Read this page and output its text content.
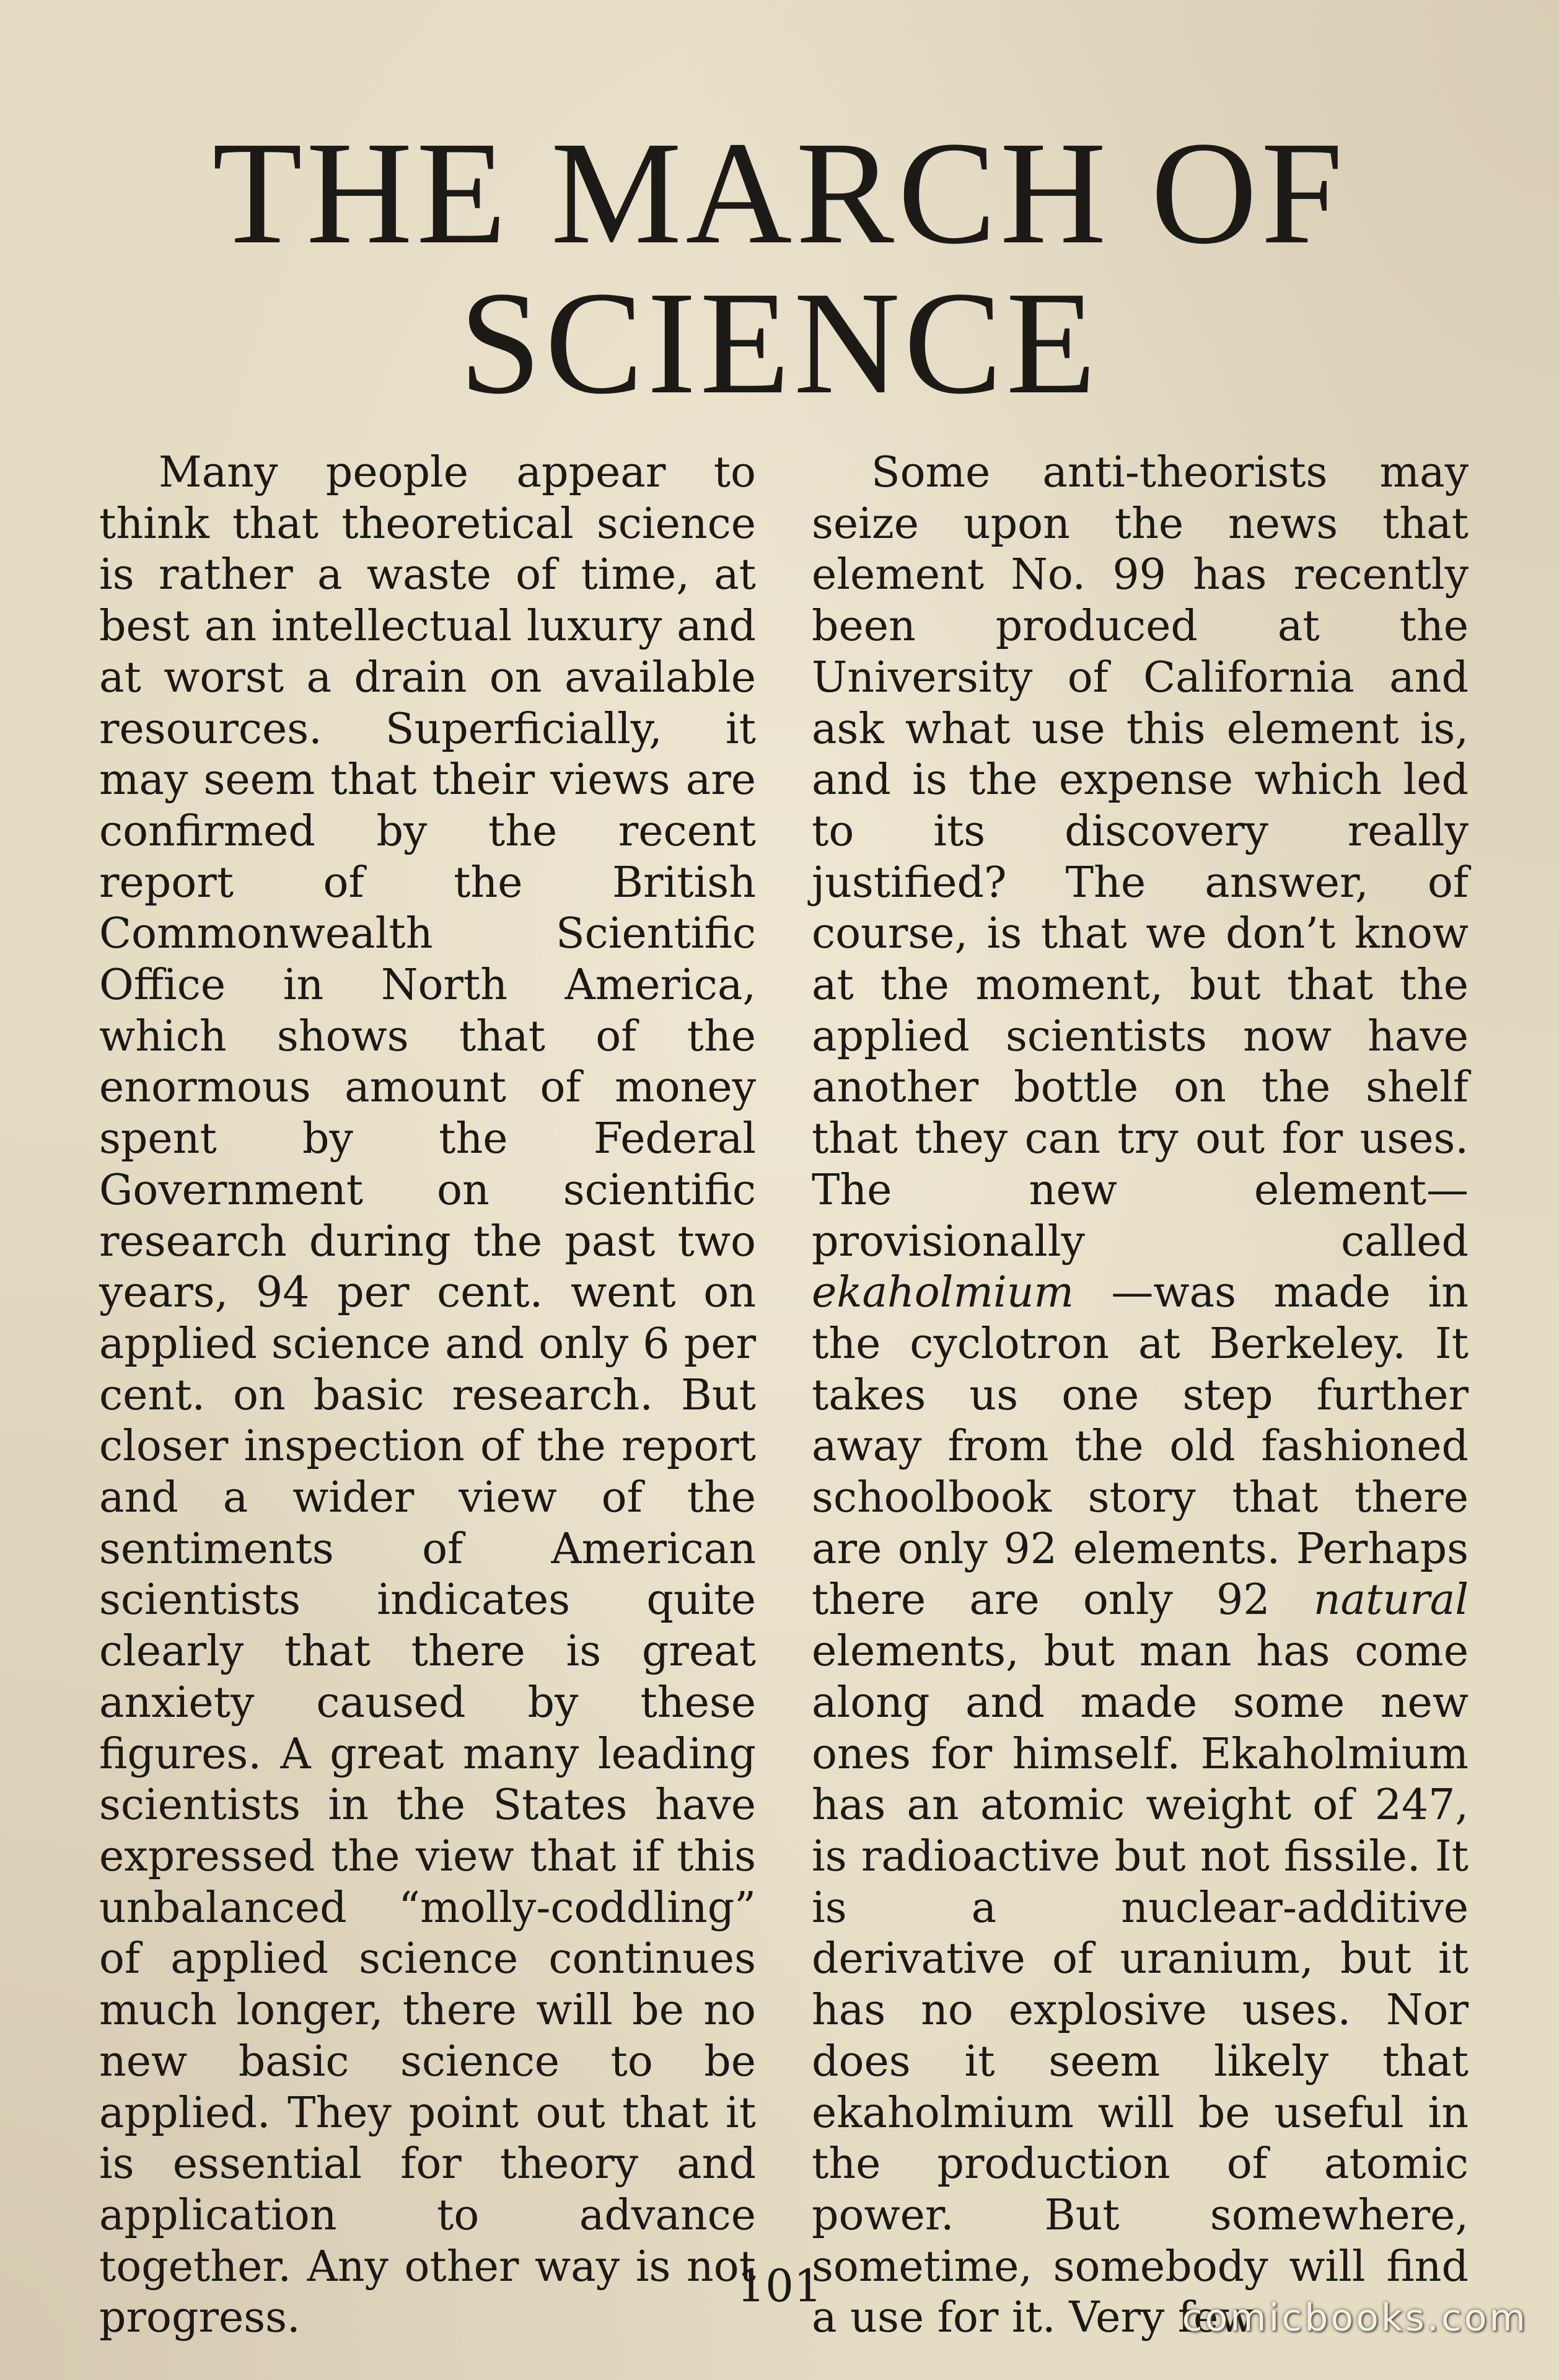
THE MARCH OF
SCIENCE

Many people appear to think that theoretical science is rather a waste of time, at best an intellectual luxury and at worst a drain on available resources. Superficially, it may seem that their views are confirmed by the recent report of the British Commonwealth Scientific Office in North America, which shows that of the enormous amount of money spent by the Federal Government on scientific research during the past two years, 94 per cent. went on applied science and only 6 per cent. on basic research. But closer inspection of the report and a wider view of the sentiments of American scientists indicates quite clearly that there is great anxiety caused by these figures. A great many leading scientists in the States have expressed the view that if this unbalanced “molly-coddling” of applied science continues much longer, there will be no new basic science to be applied. They point out that it is essential for theory and application to advance together. Any other way is not progress.

Some anti-theorists may seize upon the news that element No. 99 has recently been produced at the University of California and ask what use this element is, and is the expense which led to its discovery really justified? The answer, of course, is that we don’t know at the moment, but that the applied scientists now have another bottle on the shelf that they can try out for uses. The new element—provisionally called ekaholmium —was made in the cyclotron at Berkeley. It takes us one step further away from the old fashioned schoolbook story that there are only 92 elements. Perhaps there are only 92 natural elements, but man has come along and made some new ones for himself. Ekaholmium has an atomic weight of 247, is radioactive but not fissile. It is a nuclear-additive derivative of uranium, but it has no explosive uses. Nor does it seem likely that ekaholmium will be useful in the production of atomic power. But somewhere, sometime, somebody will find a use for it. Very few

101
comicbooks.com
